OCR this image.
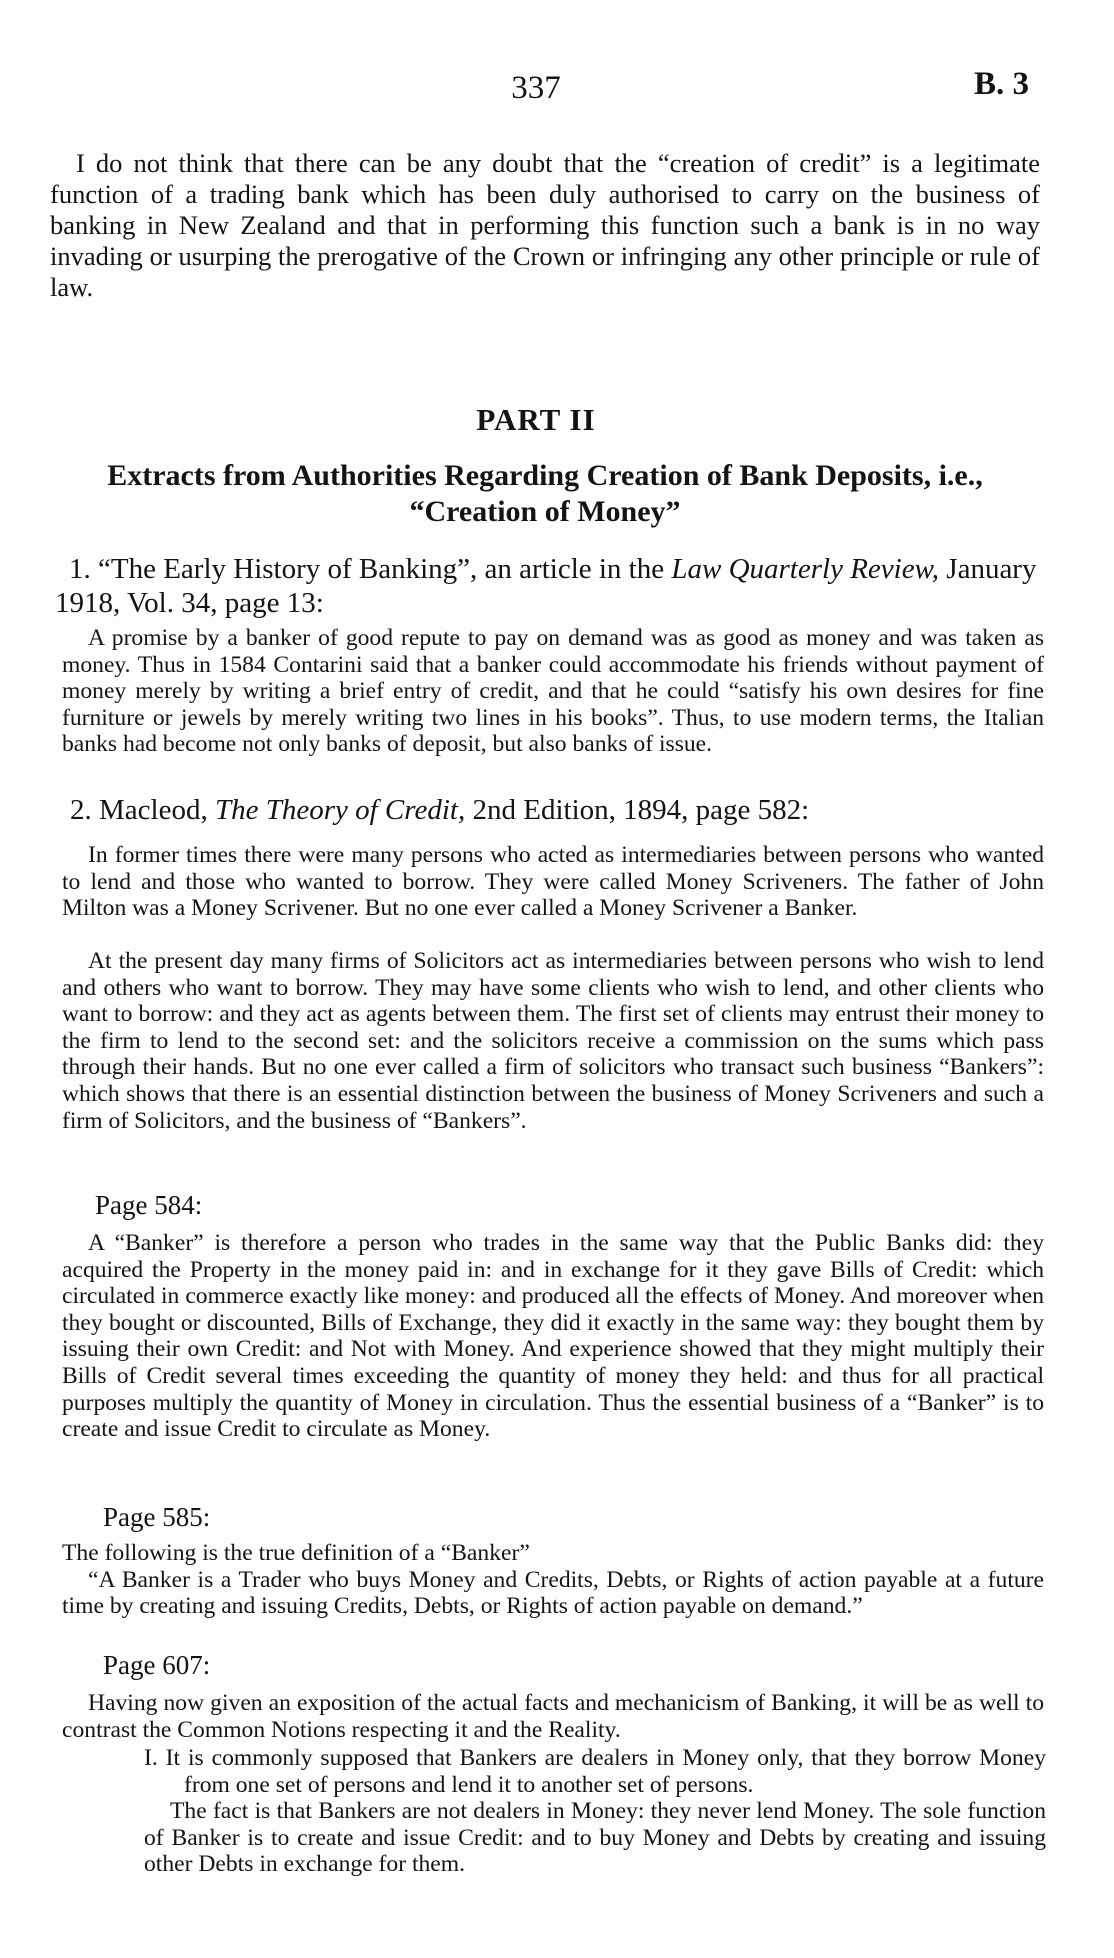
337	B. 3
I do not think that there can be any doubt that the “creation of credit” is a legitimate function of a trading bank which has been duly authorised to carry on the business of banking in New Zealand and that in performing this function such a bank is in no way invading or usurping the prerogative of the Crown or infringing any other principle or rule of law.
PART II
Extracts from Authorities Regarding Creation of Bank Deposits, i.e.,
“Creation of Money”
1. “The Early History of Banking”, an article in the Law Quarterly Review, January 1918, Vol. 34, page 13:
A promise by a banker of good repute to pay on demand was as good as money and was taken as money. Thus in 1584 Contarini said that a banker could accommodate his friends without payment of money merely by writing a brief entry of credit, and that he could “satisfy his own desires for fine furniture or jewels by merely writing two lines in his books”. Thus, to use modern terms, the Italian banks had become not only banks of deposit, but also banks of issue.
2. Macleod, The Theory of Credit, 2nd Edition, 1894, page 582:
In former times there were many persons who acted as intermediaries between persons who wanted to lend and those who wanted to borrow. They were called Money Scriveners. The father of John Milton was a Money Scrivener. But no one ever called a Money Scrivener a Banker.
At the present day many firms of Solicitors act as intermediaries between persons who wish to lend and others who want to borrow. They may have some clients who wish to lend, and other clients who want to borrow: and they act as agents between them. The first set of clients may entrust their money to the firm to lend to the second set: and the solicitors receive a commission on the sums which pass through their hands. But no one ever called a firm of solicitors who transact such business “Bankers”: which shows that there is an essential distinction between the business of Money Scriveners and such a firm of Solicitors, and the business of “Bankers”.
Page 584:
A “Banker” is therefore a person who trades in the same way that the Public Banks did: they acquired the Property in the money paid in: and in exchange for it they gave Bills of Credit: which circulated in commerce exactly like money: and produced all the effects of Money. And moreover when they bought or discounted, Bills of Exchange, they did it exactly in the same way: they bought them by issuing their own Credit: and Not with Money. And experience showed that they might multiply their Bills of Credit several times exceeding the quantity of money they held: and thus for all practical purposes multiply the quantity of Money in circulation. Thus the essential business of a “Banker” is to create and issue Credit to circulate as Money.
Page 585:
The following is the true definition of a “Banker”
“A Banker is a Trader who buys Money and Credits, Debts, or Rights of action payable at a future time by creating and issuing Credits, Debts, or Rights of action payable on demand.”
Page 607:
Having now given an exposition of the actual facts and mechanicism of Banking, it will be as well to contrast the Common Notions respecting it and the Reality.
I. It is commonly supposed that Bankers are dealers in Money only, that they borrow Money from one set of persons and lend it to another set of persons.
The fact is that Bankers are not dealers in Money: they never lend Money. The sole function of Banker is to create and issue Credit: and to buy Money and Debts by creating and issuing other Debts in exchange for them.
